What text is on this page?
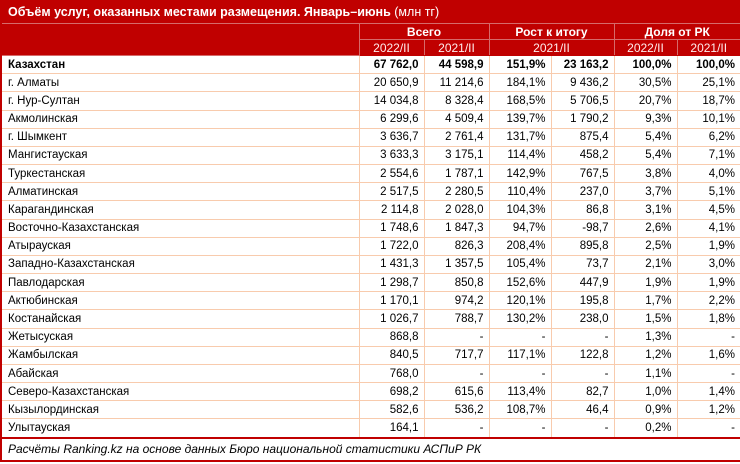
Объём услуг, оказанных местами размещения. Январь–июнь (млн тг)						
	Всего		Рост к итогу		Доля от РК	
	2022/II	2021/II	2021/II		2022/II	2021/II
Казахстан	67 762,0	44 598,9	151,9%	23 163,2	100,0%	100,0%
г. Алматы	20 650,9	11 214,6	184,1%	9 436,2	30,5%	25,1%
г. Нур-Султан	14 034,8	8 328,4	168,5%	5 706,5	20,7%	18,7%
Акмолинская	6 299,6	4 509,4	139,7%	1 790,2	9,3%	10,1%
г. Шымкент	3 636,7	2 761,4	131,7%	875,4	5,4%	6,2%
Мангистауская	3 633,3	3 175,1	114,4%	458,2	5,4%	7,1%
Туркестанская	2 554,6	1 787,1	142,9%	767,5	3,8%	4,0%
Алматинская	2 517,5	2 280,5	110,4%	237,0	3,7%	5,1%
Карагандинская	2 114,8	2 028,0	104,3%	86,8	3,1%	4,5%
Восточно-Казахстанская	1 748,6	1 847,3	94,7%	-98,7	2,6%	4,1%
Атырауская	1 722,0	826,3	208,4%	895,8	2,5%	1,9%
Западно-Казахстанская	1 431,3	1 357,5	105,4%	73,7	2,1%	3,0%
Павлодарская	1 298,7	850,8	152,6%	447,9	1,9%	1,9%
Актюбинская	1 170,1	974,2	120,1%	195,8	1,7%	2,2%
Костанайская	1 026,7	788,7	130,2%	238,0	1,5%	1,8%
Жетысуская	868,8	-	-	-	1,3%	-
Жамбылская	840,5	717,7	117,1%	122,8	1,2%	1,6%
Абайская	768,0	-	-	-	1,1%	-
Северо-Казахстанская	698,2	615,6	113,4%	82,7	1,0%	1,4%
Кызылординская	582,6	536,2	108,7%	46,4	0,9%	1,2%
Улытауская	164,1	-	-	-	0,2%	-
Расчёты Ranking.kz на основе данных Бюро национальной статистики АСПиР РК						
